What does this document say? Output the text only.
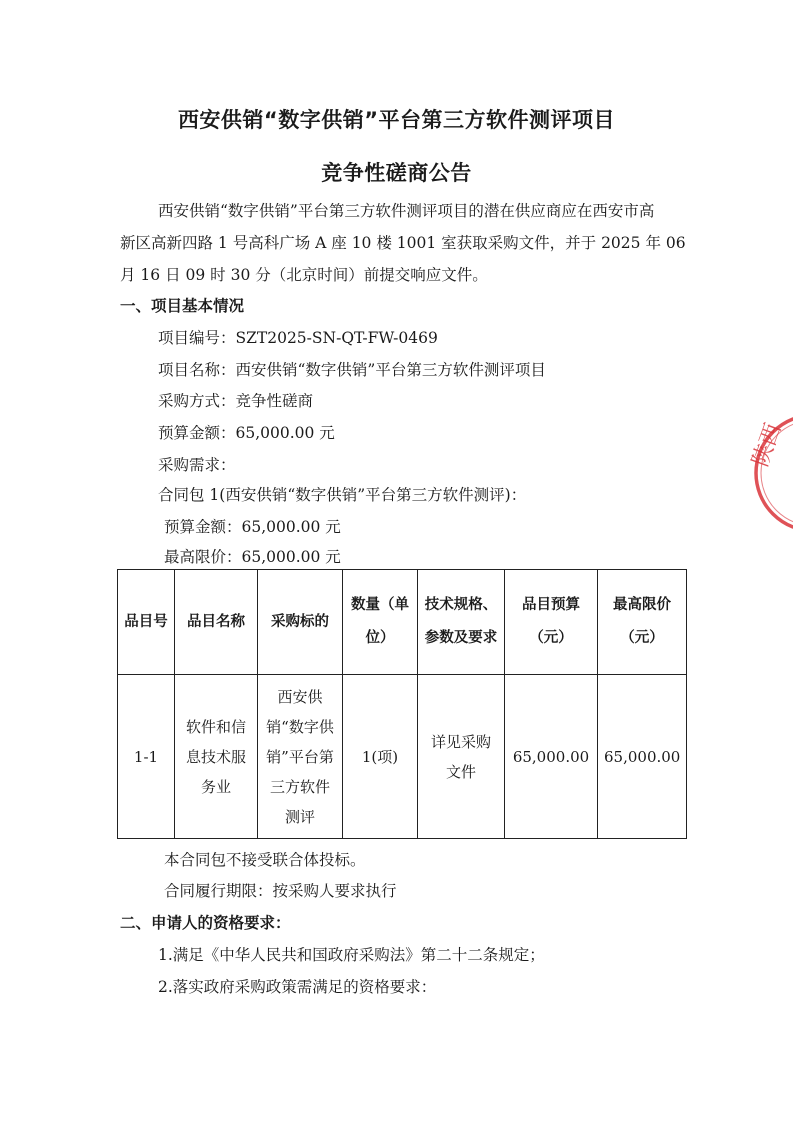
西安供销“数字供销”平台第三方软件测评项目
竞争性磋商公告
西安供销“数字供销”平台第三方软件测评项目的潜在供应商应在西安市高
新区高新四路 1 号高科广场 A 座 10 楼 1001 室获取采购文件，并于 2025 年 06
月 16 日 09 时 30 分（北京时间）前提交响应文件。
一、项目基本情况
项目编号：SZT2025-SN-QT-FW-0469
项目名称：西安供销“数字供销”平台第三方软件测评项目
采购方式：竞争性磋商
预算金额：65,000.00 元
采购需求：
合同包 1(西安供销“数字供销”平台第三方软件测评)：
预算金额：65,000.00 元
最高限价：65,000.00 元
品目号	品目名称	采购标的	数量（单位）	技术规格、参数及要求	品目预算（元）	最高限价（元）
1-1	软件和信息技术服务业	西安供销“数字供销”平台第三方软件测评	1(项)	详见采购文件	65,000.00	65,000.00
本合同包不接受联合体投标。
合同履行期限：按采购人要求执行
二、申请人的资格要求：
1.满足《中华人民共和国政府采购法》第二十二条规定；
2.落实政府采购政策需满足的资格要求：
陕西
